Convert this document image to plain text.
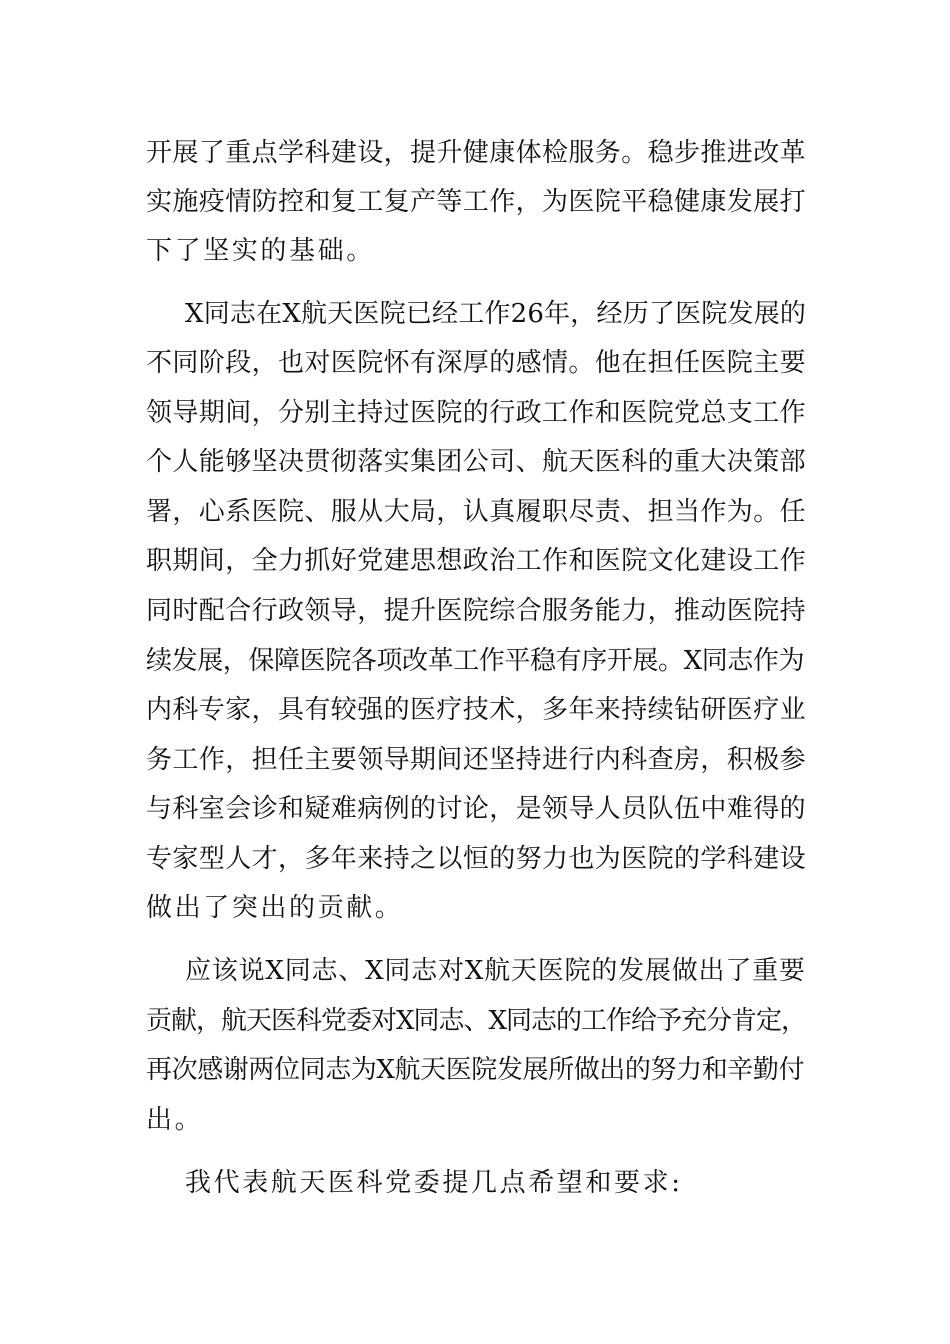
开展了重点学科建设，提升健康体检服务。稳步推进改革
实施疫情防控和复工复产等工作，为医院平稳健康发展打
下了坚实的基础。
X同志在X航天医院已经工作26年，经历了医院发展的
不同阶段，也对医院怀有深厚的感情。他在担任医院主要
领导期间，分别主持过医院的行政工作和医院党总支工作
个人能够坚决贯彻落实集团公司、航天医科的重大决策部
署，心系医院、服从大局，认真履职尽责、担当作为。任
职期间，全力抓好党建思想政治工作和医院文化建设工作
同时配合行政领导，提升医院综合服务能力，推动医院持
续发展，保障医院各项改革工作平稳有序开展。X同志作为
内科专家，具有较强的医疗技术，多年来持续钻研医疗业
务工作，担任主要领导期间还坚持进行内科查房，积极参
与科室会诊和疑难病例的讨论，是领导人员队伍中难得的
专家型人才，多年来持之以恒的努力也为医院的学科建设
做出了突出的贡献。
应该说X同志、X同志对X航天医院的发展做出了重要
贡献，航天医科党委对X同志、X同志的工作给予充分肯定，
再次感谢两位同志为X航天医院发展所做出的努力和辛勤付
出。
我代表航天医科党委提几点希望和要求:
